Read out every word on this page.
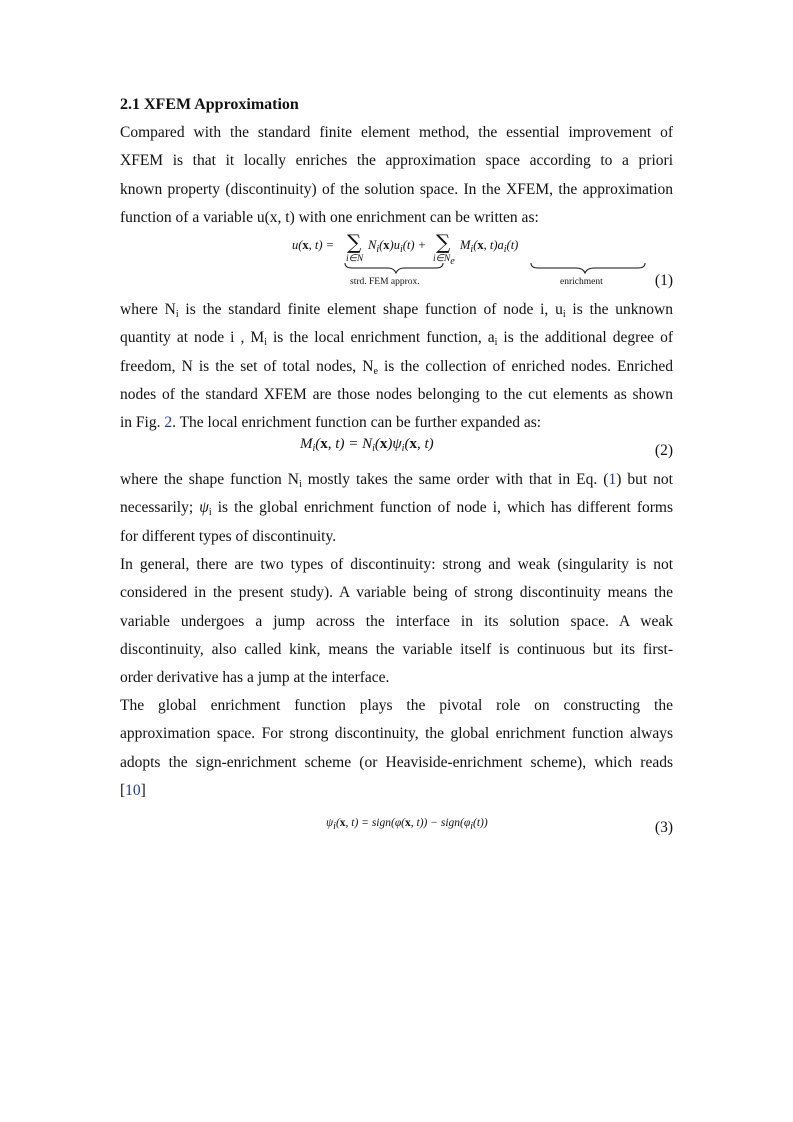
2.1 XFEM Approximation
Compared with the standard finite element method, the essential improvement of
XFEM is that it locally enriches the approximation space according to a priori
known property (discontinuity) of the solution space. In the XFEM, the approximation
function of a variable u(x, t) with one enrichment can be written as:
u(x, t) = ∑
i∈N
$N_i(x)u_i(t)$ + ∑
$i\in N_e$
$M_i(x$, $t)a_i(t)$
strd. FEM approx.	enrichment	(1)
where $N_i$ is the standard finite element shape function of node i, $u_i$ is the unknown
quantity at node i , $M_i$ is the local enrichment function, $a_i$ is the additional degree of
freedom, N is the set of total nodes, $N_e$ is the collection of enriched nodes. Enriched
nodes of the standard XFEM are those nodes belonging to the cut elements as shown
in Fig. 2. The local enrichment function can be further expanded as:
$M_i(x$, $t) = N_i(x)\psi_i(x$, t)	(2)
where the shape function $N_i$ mostly takes the same order with that in Eq. (1) but not
necessarily; $\psi_i$ is the global enrichment function of node i, which has different forms
for different types of discontinuity.
In general, there are two types of discontinuity: strong and weak (singularity is not
considered in the present study). A variable being of strong discontinuity means the
variable undergoes a jump across the interface in its solution space. A weak
discontinuity, also called kink, means the variable itself is continuous but its first-
order derivative has a jump at the interface.
The global enrichment function plays the pivotal role on constructing the
approximation space. For strong discontinuity, the global enrichment function always
adopts the sign-enrichment scheme (or Heaviside-enrichment scheme), which reads
[10]
$\psi_i(x$, t) = sign(φ(x, $t)) - sign(\varphi_i(t))$	(3)
